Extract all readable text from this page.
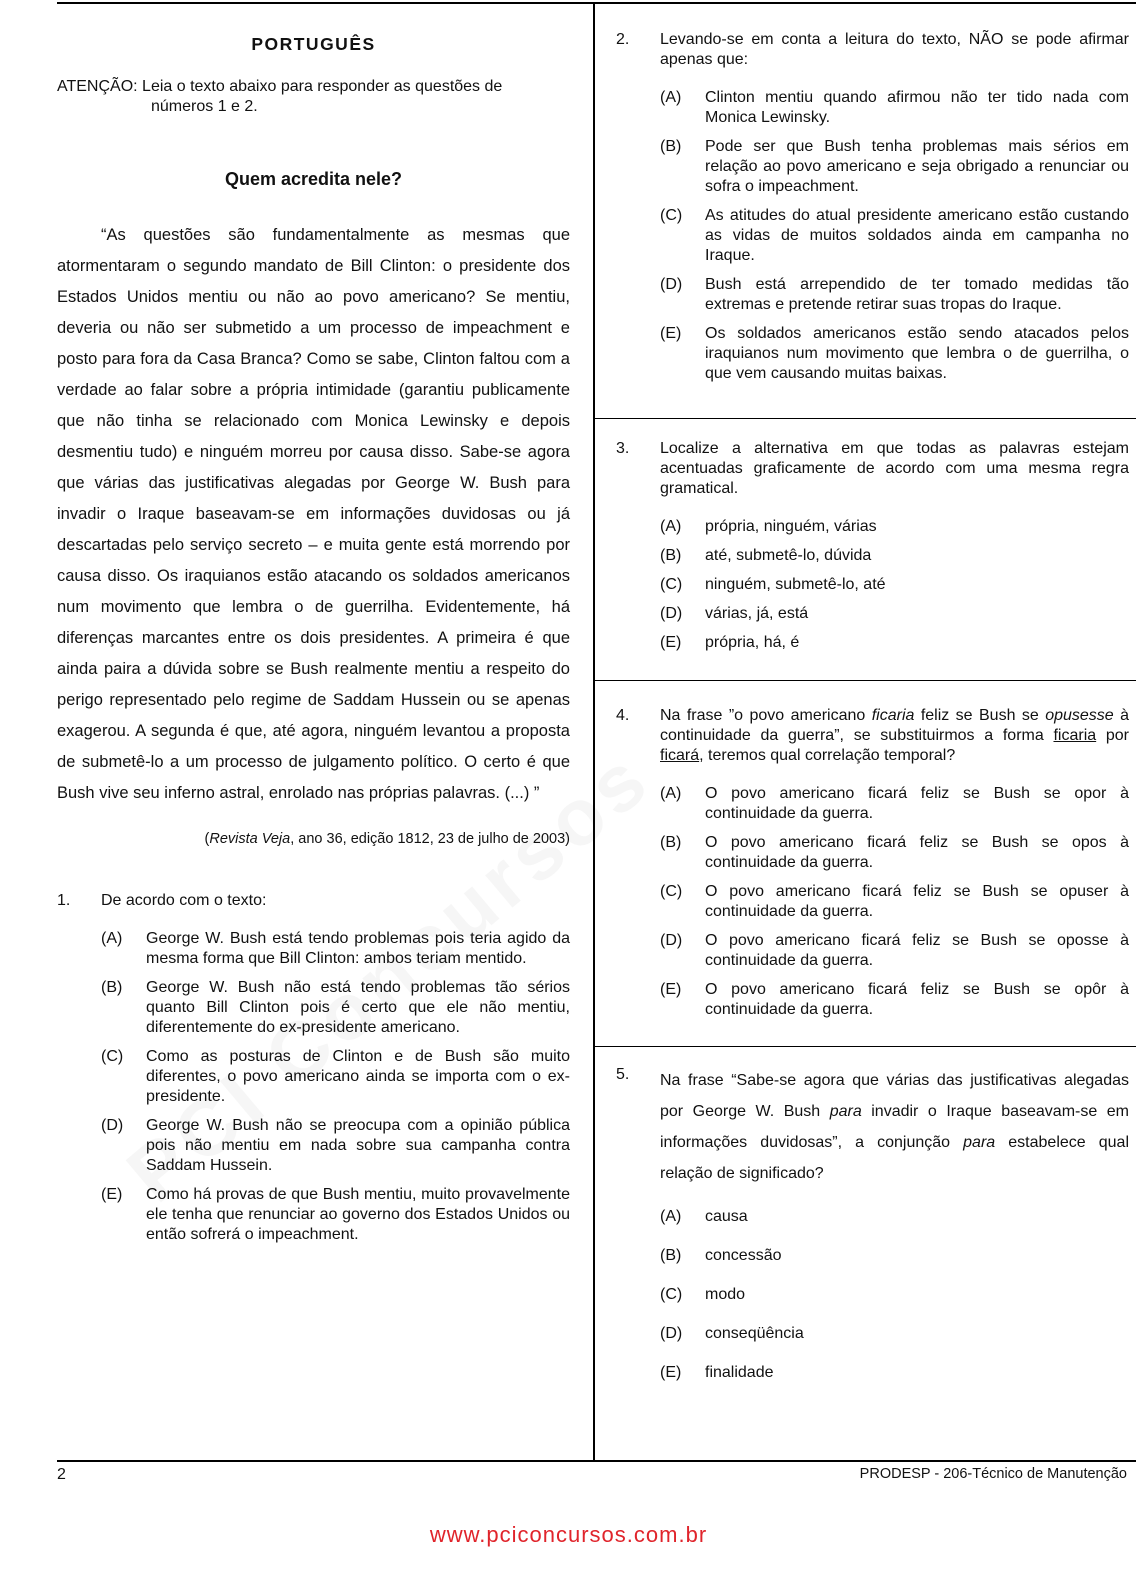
PORTUGUÊS
ATENÇÃO: Leia o texto abaixo para responder as questões de
números 1 e 2.
Quem acredita nele?
“As questões são fundamentalmente as mesmas que atormentaram o segundo mandato de Bill Clinton: o presidente dos Estados Unidos mentiu ou não ao povo americano? Se mentiu, deveria ou não ser submetido a um processo de impeachment e posto para fora da Casa Branca? Como se sabe, Clinton faltou com a verdade ao falar sobre a própria intimidade (garantiu publicamente que não tinha se relacionado com Monica Lewinsky e depois desmentiu tudo) e ninguém morreu por causa disso. Sabe-se agora que várias das justificativas alegadas por George W. Bush para invadir o Iraque baseavam-se em informações duvidosas ou já descartadas pelo serviço secreto – e muita gente está morrendo por causa disso. Os iraquianos estão atacando os soldados americanos num movimento que lembra o de guerrilha. Evidentemente, há diferenças marcantes entre os dois presidentes. A primeira é que ainda paira a dúvida sobre se Bush realmente mentiu a respeito do perigo representado pelo regime de Saddam Hussein ou se apenas exagerou. A segunda é que, até agora, ninguém levantou a proposta de submetê-lo a um processo de julgamento político. O certo é que Bush vive seu inferno astral, enrolado nas próprias palavras. (...) ”
(Revista Veja, ano 36, edição 1812, 23 de julho de 2003)
1.	De acordo com o texto:
(A)	George W. Bush está tendo problemas pois teria agido da mesma forma que Bill Clinton: ambos teriam mentido.
(B)	George W. Bush não está tendo problemas tão sérios quanto Bill Clinton pois é certo que ele não mentiu, diferentemente do ex-presidente americano.
(C)	Como as posturas de Clinton e de Bush são muito diferentes, o povo americano ainda se importa com o ex-presidente.
(D)	George W. Bush não se preocupa com a opinião pública pois não mentiu em nada sobre sua campanha contra Saddam Hussein.
(E)	Como há provas de que Bush mentiu, muito provavelmente ele tenha que renunciar ao governo dos Estados Unidos ou então sofrerá o impeachment.
2.	Levando-se em conta a leitura do texto, NÃO se pode afirmar apenas que:
(A)	Clinton mentiu quando afirmou não ter tido nada com Monica Lewinsky.
(B)	Pode ser que Bush tenha problemas mais sérios em relação ao povo americano e seja obrigado a renunciar ou sofra o impeachment.
(C)	As atitudes do atual presidente americano estão custando as vidas de muitos soldados ainda em campanha no Iraque.
(D)	Bush está arrependido de ter tomado medidas tão extremas e pretende retirar suas tropas do Iraque.
(E)	Os soldados americanos estão sendo atacados pelos iraquianos num movimento que lembra o de guerrilha, o que vem causando muitas baixas.
3.	Localize a alternativa em que todas as palavras estejam acentuadas graficamente de acordo com uma mesma regra gramatical.
(A)	própria, ninguém, várias
(B)	até, submetê-lo, dúvida
(C)	ninguém, submetê-lo, até
(D)	várias, já, está
(E)	própria, há, é
4.	Na frase ”o povo americano ficaria feliz se Bush se opusesse à continuidade da guerra”, se substituirmos a forma ficaria por ficará, teremos qual correlação temporal?
(A)	O povo americano ficará feliz se Bush se opor à continuidade da guerra.
(B)	O povo americano ficará feliz se Bush se opos à continuidade da guerra.
(C)	O povo americano ficará feliz se Bush se opuser à continuidade da guerra.
(D)	O povo americano ficará feliz se Bush se oposse à continuidade da guerra.
(E)	O povo americano ficará feliz se Bush se opôr à continuidade da guerra.
5.	Na frase “Sabe-se agora que várias das justificativas alegadas por George W. Bush para invadir o Iraque baseavam-se em informações duvidosas”, a conjunção para estabelece qual relação de significado?
(A)	causa
(B)	concessão
(C)	modo
(D)	conseqüência
(E)	finalidade
2	PRODESP - 206-Técnico de Manutenção
www.pciconcursos.com.br
